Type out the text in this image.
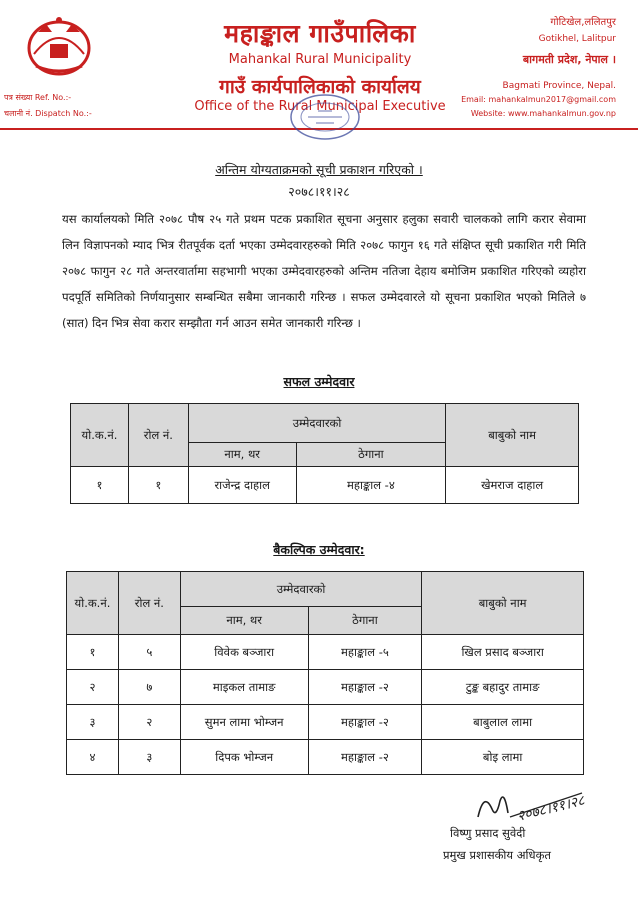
महाङ्काल गाउँपालिका
Mahankal Rural Municipality
गाउँ कार्यपालिकाको कार्यालय
Office of the Rural Municipal Executive
गोटिखेल,ललितपुर
Gotikhel, Lalitpur
बागमती प्रदेश, नेपाल ।
Bagmati Province, Nepal.
Email: mahankalmun2017@gmail.com
Website: www.mahankalmun.gov.np
पत्र संख्या Ref. No.:-
चलानी नं. Dispatch No.:-
अन्तिम योग्यताक्रमको सूची प्रकाशन गरिएको ।
२०७८।११।२८
यस कार्यालयको मिति २०७८ पौष २५ गते प्रथम पटक प्रकाशित सूचना अनुसार हलुका सवारी चालकको लागि करार सेवामा लिन विज्ञापनको म्याद भित्र रीतपूर्वक दर्ता भएका उम्मेदवारहरुको मिति २०७८ फागुन १६ गते संक्षिप्त सूची प्रकाशित गरी मिति २०७८ फागुन २८ गते अन्तरवार्तामा सहभागी भएका उम्मेदवारहरुको अन्तिम नतिजा देहाय बमोजिम प्रकाशित गरिएको व्यहोरा पदपूर्ति समितिको निर्णयानुसार सम्बन्धित सबैमा जानकारी गरिन्छ । सफल उम्मेदवारले यो सूचना प्रकाशित भएको मितिले ७ (सात) दिन भित्र सेवा करार सम्झौता गर्न आउन समेत जानकारी गरिन्छ ।
सफल उम्मेदवार
यो.क.नं.	रोल नं.	उम्मेदवारको		बाबुको नाम
		नाम, थर	ठेगाना	
१	१	राजेन्द्र दाहाल	महाङ्काल -४	खेमराज दाहाल
बैकल्पिक उम्मेदवार:
यो.क.नं.	रोल नं.	उम्मेदवारको		बाबुको नाम
		नाम, थर	ठेगाना	
१	५	विवेक बञ्जारा	महाङ्काल -५	खिल प्रसाद बञ्जारा
२	७	माइकल तामाङ	महाङ्काल -२	टुङ्क बहादुर तामाङ
३	२	सुमन लामा भोम्जन	महाङ्काल -२	बाबुलाल लामा
४	३	दिपक भोम्जन	महाङ्काल -२	बोइ लामा
२०७८।११।२८
विष्णु प्रसाद सुवेदी
प्रमुख प्रशासकीय अधिकृत
